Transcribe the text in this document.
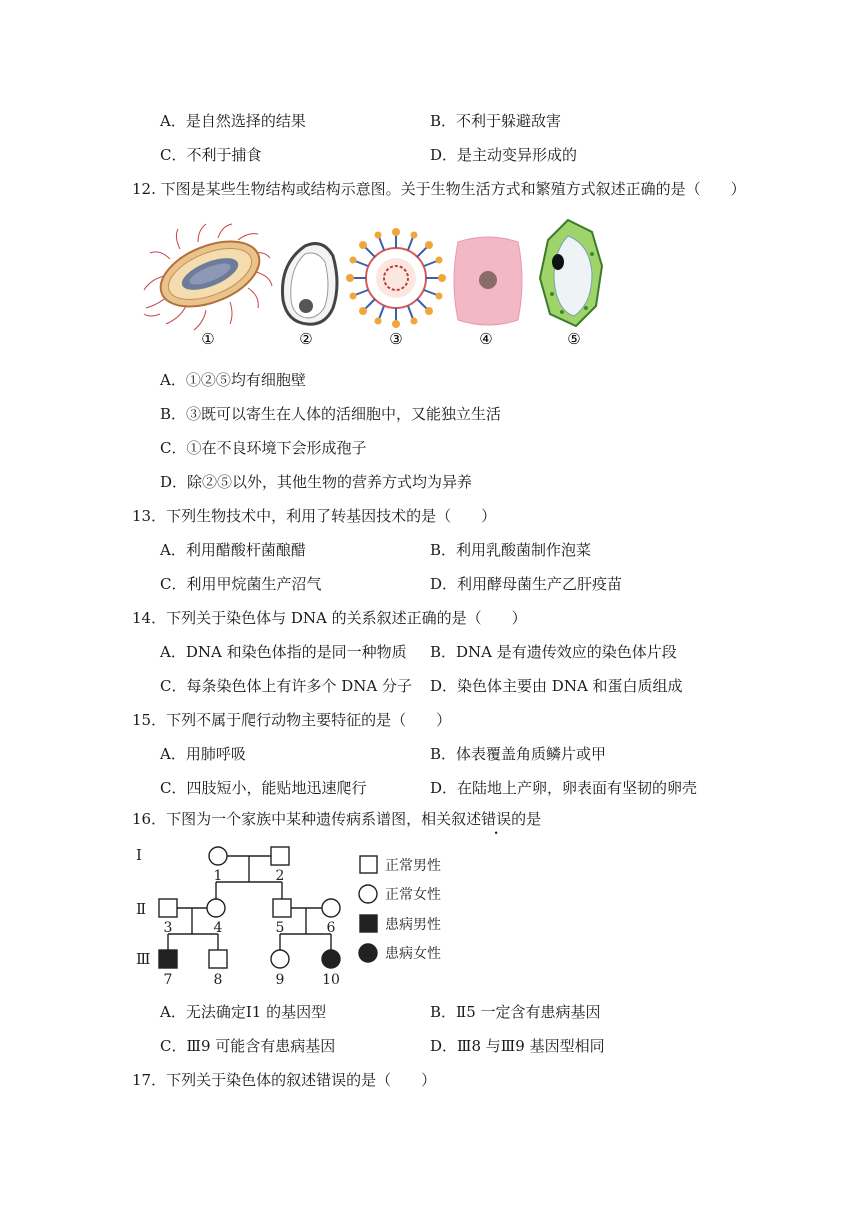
A．是自然选择的结果	B．不利于躲避敌害
C．不利于捕食	D．是主动变异形成的
12. 下图是某些生物结构或结构示意图。关于生物生活方式和繁殖方式叙述正确的是（　　）
①	②	③	④	⑤
A．①②⑤均有细胞壁
B．③既可以寄生在人体的活细胞中，又能独立生活
C．①在不良环境下会形成孢子
D．除②⑤以外，其他生物的营养方式均为异养
13．下列生物技术中，利用了转基因技术的是（　　）
A．利用醋酸杆菌酿醋	B．利用乳酸菌制作泡菜
C．利用甲烷菌生产沼气	D．利用酵母菌生产乙肝疫苗
14．下列关于染色体与 DNA 的关系叙述正确的是（　　）
A．DNA 和染色体指的是同一种物质 B．DNA 是有遗传效应的染色体片段
C．每条染色体上有许多个 DNA 分子 D．染色体主要由 DNA 和蛋白质组成
15．下列不属于爬行动物主要特征的是（　　）
A．用肺呼吸	B．体表覆盖角质鳞片或甲
C．四肢短小，能贴地迅速爬行	D．在陆地上产卵，卵表面有坚韧的卵壳
16．下图为一个家族中某种遗传病系谱图，相关叙述错误的是
Ⅰ
Ⅱ
Ⅲ
1	2
3	4	5	6
7	8	9	10
正常男性
正常女性
患病男性
患病女性
A．无法确定Ⅰ1 的基因型	B．Ⅱ5 一定含有患病基因
C．Ⅲ9 可能含有患病基因	D．Ⅲ8 与Ⅲ9 基因型相同
17．下列关于染色体的叙述错误的是（　　）
